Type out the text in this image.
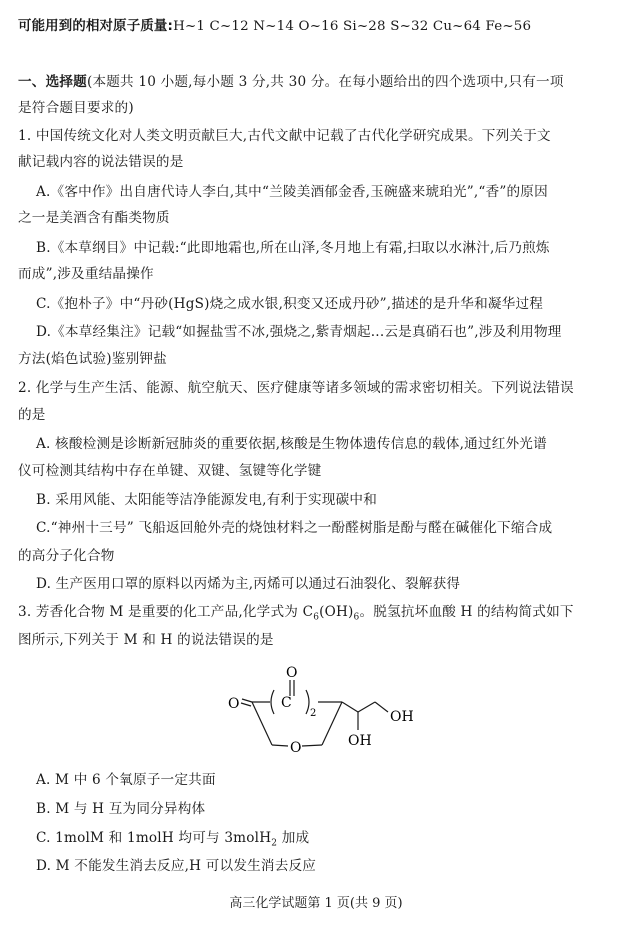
可能用到的相对原子质量:H~1 C~12 N~14 O~16 Si~28 S~32 Cu~64 Fe~56
一、选择题(本题共 10 小题,每小题 3 分,共 30 分。在每小题给出的四个选项中,只有一项
是符合题目要求的)
1. 中国传统文化对人类文明贡献巨大,古代文献中记载了古代化学研究成果。下列关于文
献记载内容的说法错误的是
A.《客中作》出自唐代诗人李白,其中“兰陵美酒郁金香,玉碗盛来琥珀光”,“香”的原因
之一是美酒含有酯类物质
B.《本草纲目》中记载:“此即地霜也,所在山泽,冬月地上有霜,扫取以水淋汁,后乃煎炼
而成”,涉及重结晶操作
C.《抱朴子》中“丹砂(HgS)烧之成水银,积变又还成丹砂”,描述的是升华和凝华过程
D.《本草经集注》记载“如握盐雪不冰,强烧之,紫青烟起...云是真硝石也”,涉及利用物理
方法(焰色试验)鉴别钾盐
2. 化学与生产生活、能源、航空航天、医疗健康等诸多领域的需求密切相关。下列说法错误
的是
A. 核酸检测是诊断新冠肺炎的重要依据,核酸是生物体遗传信息的载体,通过红外光谱
仪可检测其结构中存在单键、双键、氢键等化学键
B. 采用风能、太阳能等洁净能源发电,有利于实现碳中和
C.“神州十三号” 飞船返回舱外壳的烧蚀材料之一酚醛树脂是酚与醛在碱催化下缩合成
的高分子化合物
D. 生产医用口罩的原料以丙烯为主,丙烯可以通过石油裂化、裂解获得
3. 芳香化合物 M 是重要的化工产品,化学式为 $C_6(OH)_6$。脱氢抗坏血酸 H 的结构简式如下
图所示,下列关于 M 和 H 的说法错误的是
O
O
C
2
O
OH
OH
A. M 中 6 个氧原子一定共面
B. M 与 H 互为同分异构体
C. 1molM 和 1molH 均可与 3molH$_2$ 加成
D. M 不能发生消去反应,H 可以发生消去反应
高三化学试题第 1 页(共 9 页)
